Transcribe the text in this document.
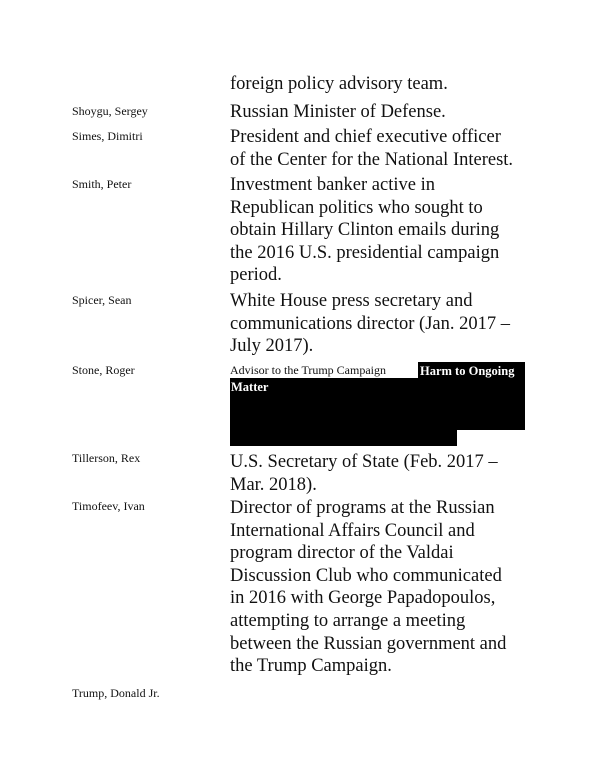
foreign policy advisory team.
Shoygu, Sergey	Russian Minister of Defense.
Simes, Dimitri	President and chief executive officer
of the Center for the National Interest.
Smith, Peter	Investment banker active in
Republican politics who sought to
obtain Hillary Clinton emails during
the 2016 U.S. presidential campaign
period.
Spicer, Sean	White House press secretary and
communications director (Jan. 2017 –
July 2017).
Stone, Roger	Advisor to the Trump Campaign	Harm to Ongoing
Matter
Tillerson, Rex	U.S. Secretary of State (Feb. 2017 –
Mar. 2018).
Timofeev, Ivan	Director of programs at the Russian
International Affairs Council and
program director of the Valdai
Discussion Club who communicated
in 2016 with George Papadopoulos,
attempting to arrange a meeting
between the Russian government and
the Trump Campaign.
Trump, Donald Jr.
